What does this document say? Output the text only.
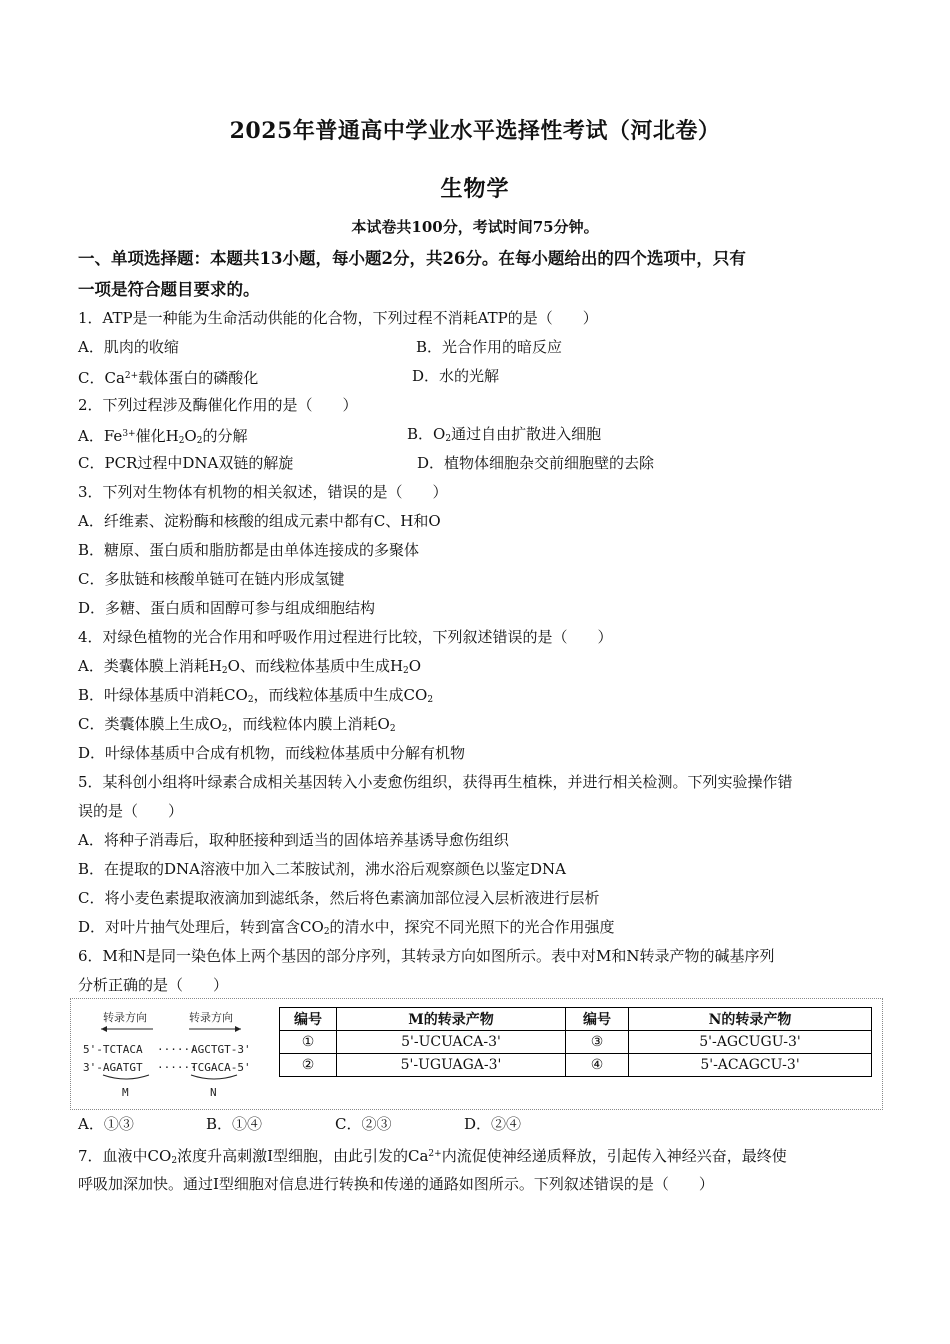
2025年普通高中学业水平选择性考试（河北卷）
生物学
本试卷共100分，考试时间75分钟。
一、单项选择题：本题共13小题，每小题2分，共26分。在每小题给出的四个选项中，只有
一项是符合题目要求的。
1．ATP是一种能为生命活动供能的化合物，下列过程不消耗ATP的是（　　）
A．肌肉的收缩	B．光合作用的暗反应
C．$Ca^{2+}$载体蛋白的磷酸化	D．水的光解
2．下列过程涉及酶催化作用的是（　　）
A．$Fe^{3+}$催化$H_2O_2$的分解	B．$O_2$通过自由扩散进入细胞
C．PCR过程中DNA双链的解旋	D．植物体细胞杂交前细胞壁的去除
3．下列对生物体有机物的相关叙述，错误的是（　　）
A．纤维素、淀粉酶和核酸的组成元素中都有C、H和O
B．糖原、蛋白质和脂肪都是由单体连接成的多聚体
C．多肽链和核酸单链可在链内形成氢键
D．多糖、蛋白质和固醇可参与组成细胞结构
4．对绿色植物的光合作用和呼吸作用过程进行比较，下列叙述错误的是（　　）
A．类囊体膜上消耗$H_2O$、而线粒体基质中生成$H_2O$
B．叶绿体基质中消耗$CO_2$，而线粒体基质中生成$CO_2$
C．类囊体膜上生成$O_2$，而线粒体内膜上消耗$O_2$
D．叶绿体基质中合成有机物，而线粒体基质中分解有机物
5．某科创小组将叶绿素合成相关基因转入小麦愈伤组织，获得再生植株，并进行相关检测。下列实验操作错
误的是（　　）
A．将种子消毒后，取种胚接种到适当的固体培养基诱导愈伤组织
B．在提取的DNA溶液中加入二苯胺试剂，沸水浴后观察颜色以鉴定DNA
C．将小麦色素提取液滴加到滤纸条，然后将色素滴加部位浸入层析液进行层析
D．对叶片抽气处理后，转到富含$CO_2$的清水中，探究不同光照下的光合作用强度
6．M和N是同一染色体上两个基因的部分序列，其转录方向如图所示。表中对M和N转录产物的碱基序列
分析正确的是（　　）
转录方向	转录方向
5'-TCTACA
3'-AGATGT
······
······
AGCTGT-3'
TCGACA-5'
M	N
编号	M的转录产物	编号	N的转录产物
①	5'-UCUACA-3'	③	5'-AGCUGU-3'
②	5'-UGUAGA-3'	④	5'-ACAGCU-3'
A．①③	B．①④	C．②③	D．②④
7．血液中$CO_2$浓度升高刺激Ⅰ型细胞，由此引发的$Ca^{2+}$内流促使神经递质释放，引起传入神经兴奋，最终使
呼吸加深加快。通过Ⅰ型细胞对信息进行转换和传递的通路如图所示。下列叙述错误的是（　　）
